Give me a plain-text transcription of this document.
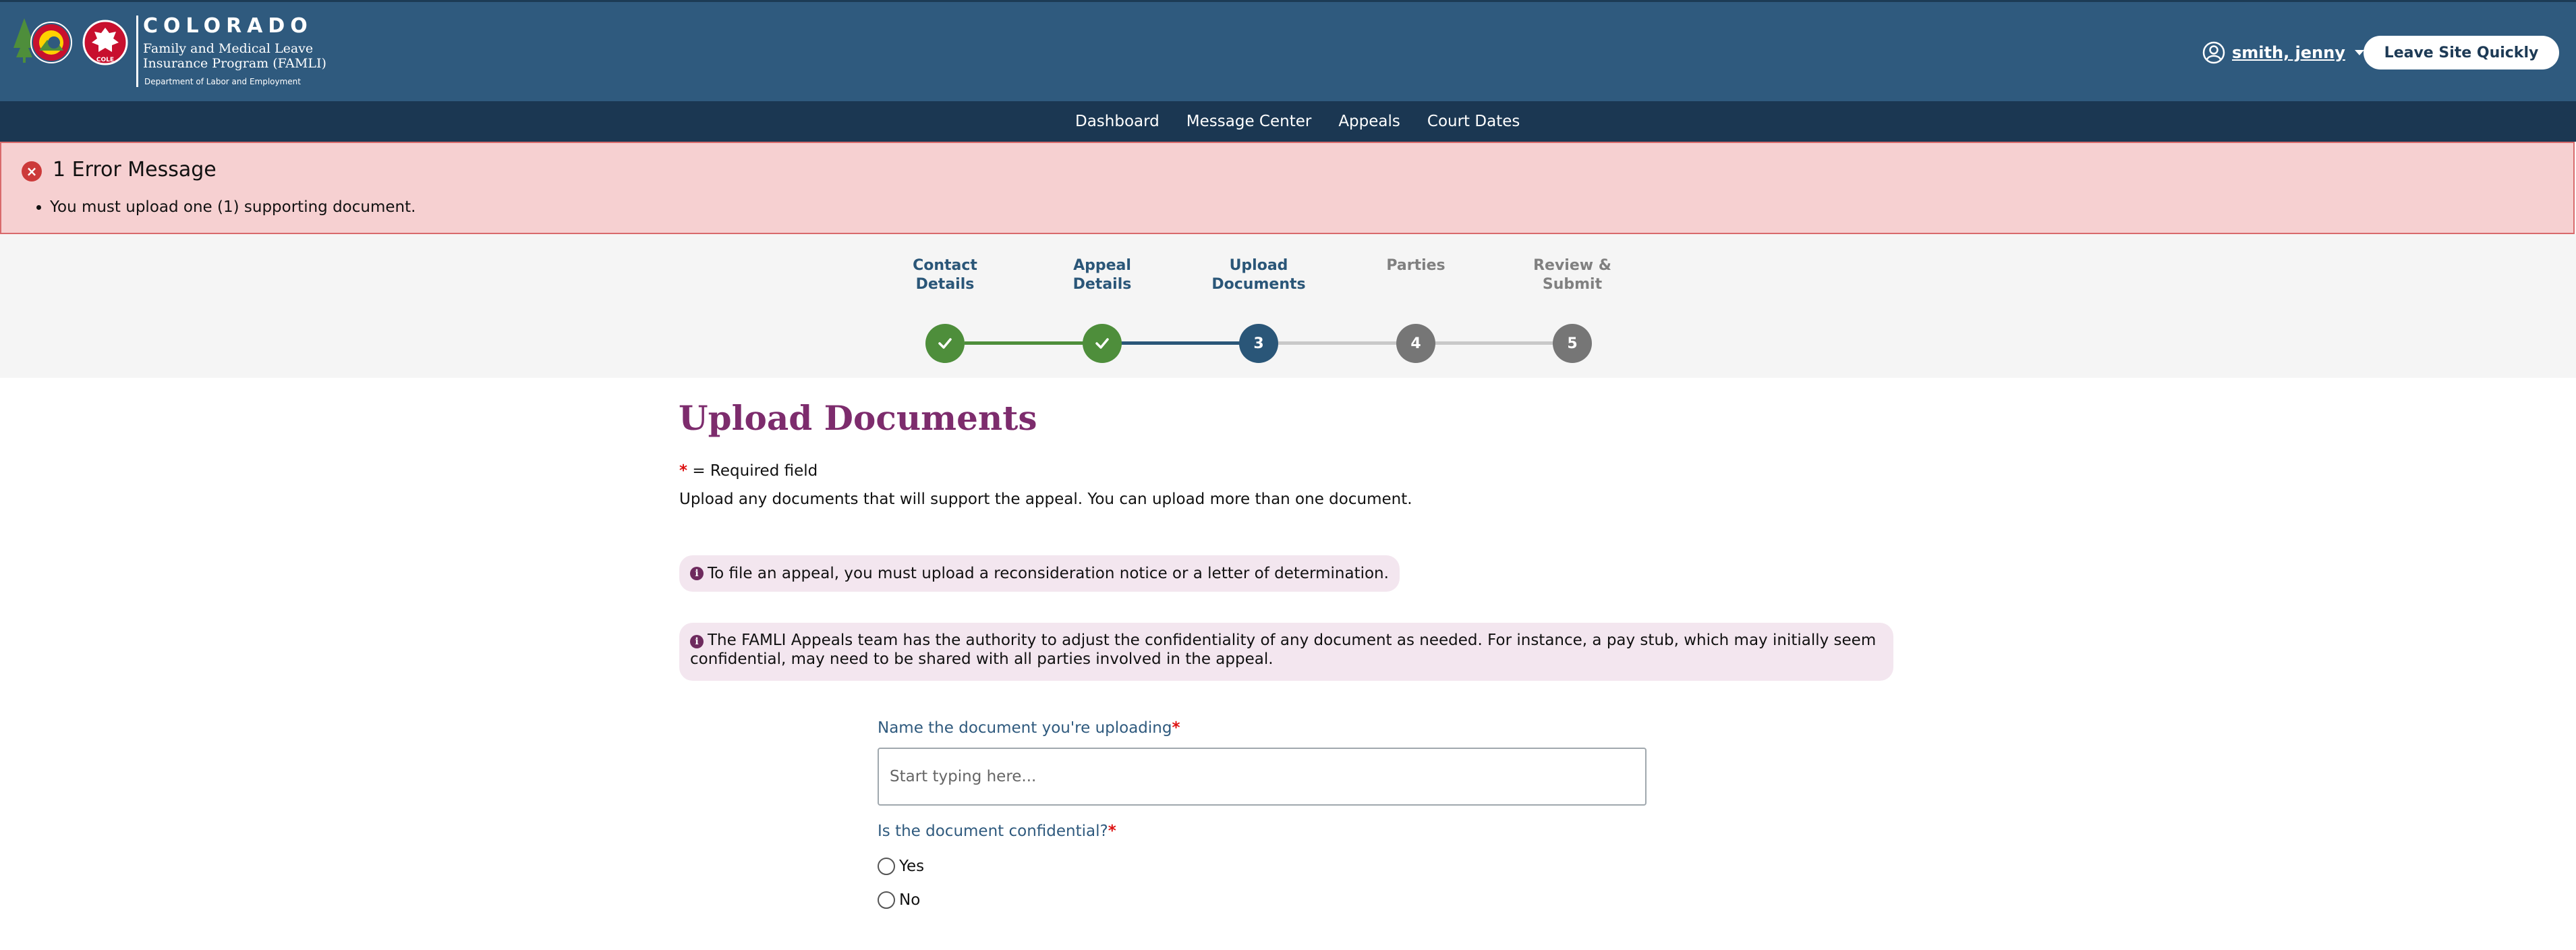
COLE
COLORADO
Family and Medical Leave Insurance Program (FAMLI)
Department of Labor and Employment
smith, jenny	Leave Site Quickly
Dashboard Message Center Appeals Court Dates
× 1 Error Message
• You must upload one (1) supporting document.
Contact
Details
Appeal
Details
Upload
Documents
Parties	Review &
Submit
3	4	5
Upload Documents
* = Required field
Upload any documents that will support the appeal. You can upload more than one document.
i To file an appeal, you must upload a reconsideration notice or a letter of determination.
i The FAMLI Appeals team has the authority to adjust the confidentiality of any document as needed. For instance, a pay stub, which may initially seem confidential, may need to be shared with all parties involved in the appeal.
Name the document you're uploading*
Start typing here...
Is the document confidential?*
Yes
No
